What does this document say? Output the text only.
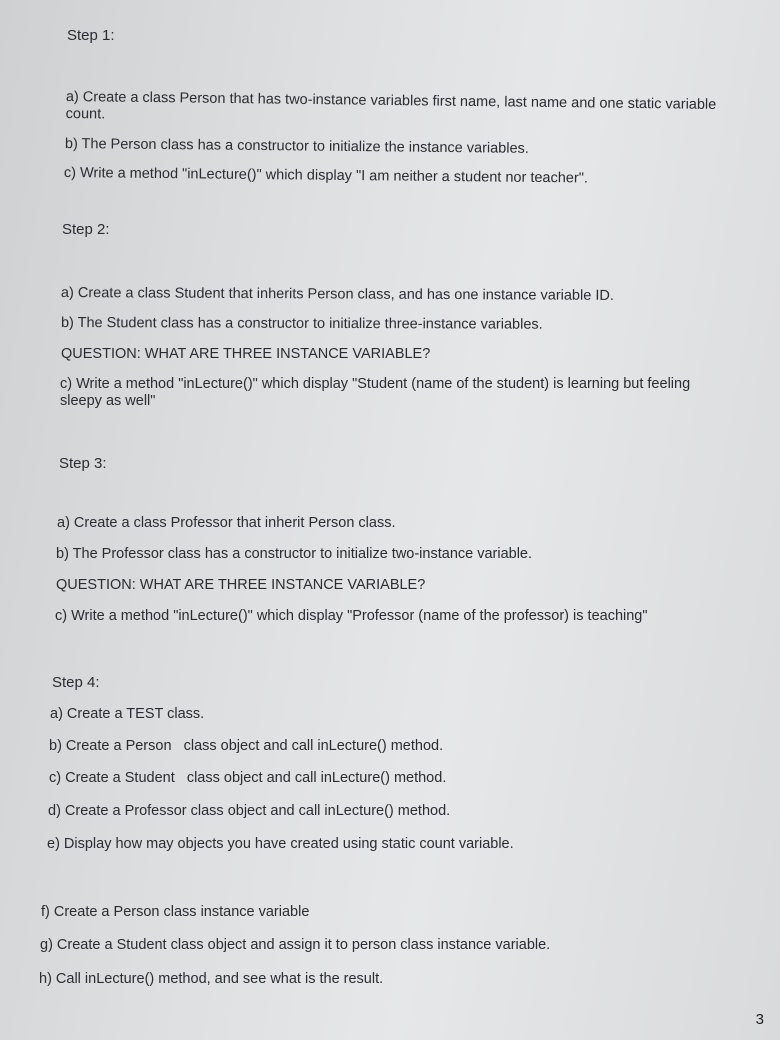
Step 1:
a) Create a class Person that has two-instance variables first name, last name and one static variable count.
b) The Person class has a constructor to initialize the instance variables.
c) Write a method "inLecture()" which display "I am neither a student nor teacher".
Step 2:
a) Create a class Student that inherits Person class, and has one instance variable ID.
b) The Student class has a constructor to initialize three-instance variables.
QUESTION: WHAT ARE THREE INSTANCE VARIABLE?
c) Write a method "inLecture()" which display "Student (name of the student) is learning but feeling sleepy as well"
Step 3:
a) Create a class Professor that inherit Person class.
b) The Professor class has a constructor to initialize two-instance variable.
QUESTION: WHAT ARE THREE INSTANCE VARIABLE?
c) Write a method "inLecture()" which display "Professor (name of the professor) is teaching"
Step 4:
a) Create a TEST class.
b) Create a Person   class object and call inLecture() method.
c) Create a Student   class object and call inLecture() method.
d) Create a Professor class object and call inLecture() method.
e) Display how may objects you have created using static count variable.
f) Create a Person class instance variable
g) Create a Student class object and assign it to person class instance variable.
h) Call inLecture() method, and see what is the result.
3
